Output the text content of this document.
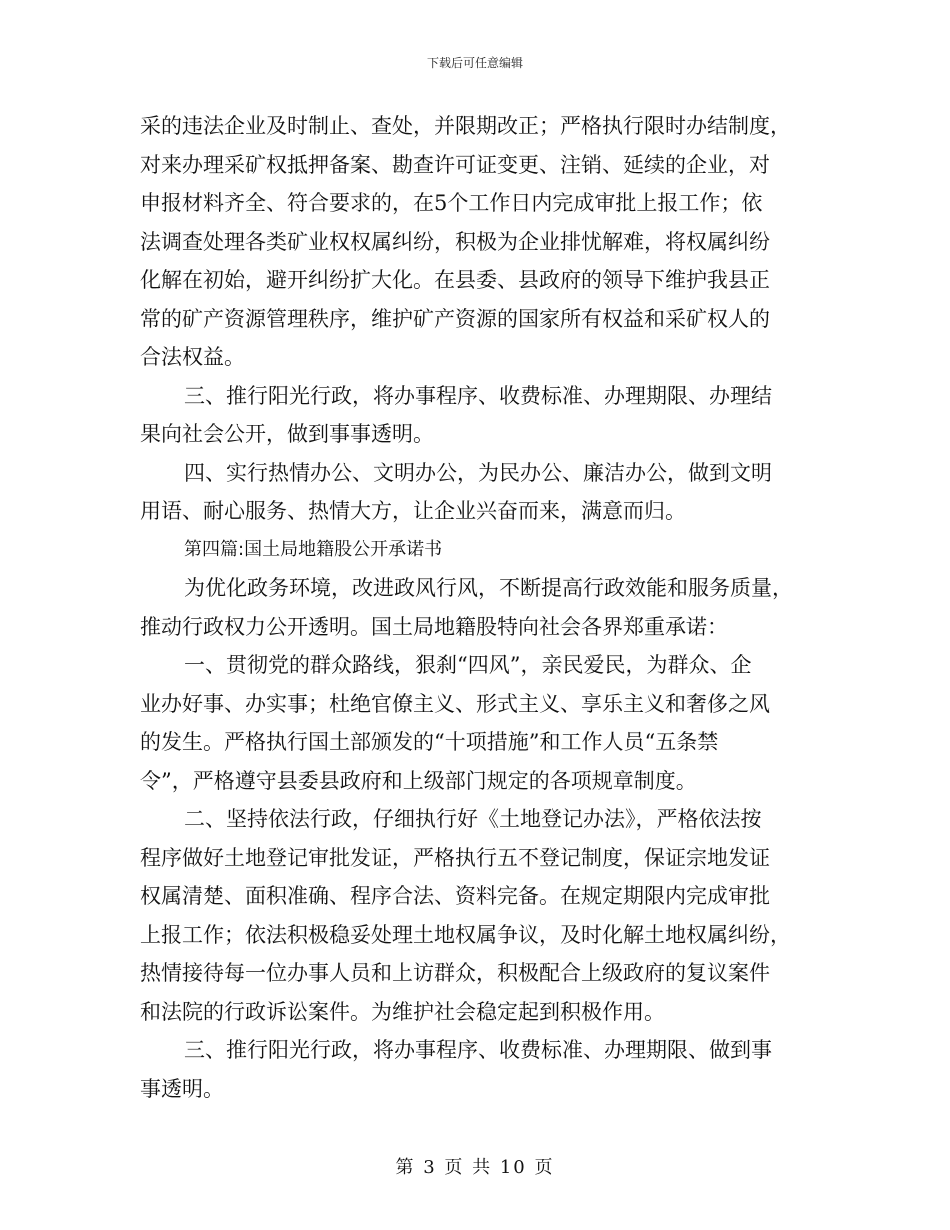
下载后可任意编辑
采的违法企业及时制止、查处，并限期改正；严格执行限时办结制度，
对来办理采矿权抵押备案、勘查许可证变更、注销、延续的企业，对
申报材料齐全、符合要求的，在5个工作日内完成审批上报工作；依
法调查处理各类矿业权权属纠纷，积极为企业排忧解难，将权属纠纷
化解在初始，避开纠纷扩大化。在县委、县政府的领导下维护我县正
常的矿产资源管理秩序，维护矿产资源的国家所有权益和采矿权人的
合法权益。
三、推行阳光行政，将办事程序、收费标准、办理期限、办理结
果向社会公开，做到事事透明。
四、实行热情办公、文明办公，为民办公、廉洁办公，做到文明
用语、耐心服务、热情大方，让企业兴奋而来，满意而归。
第四篇:国土局地籍股公开承诺书
为优化政务环境，改进政风行风，不断提高行政效能和服务质量，
推动行政权力公开透明。国土局地籍股特向社会各界郑重承诺：
一、贯彻党的群众路线，狠刹“四风”，亲民爱民，为群众、企
业办好事、办实事；杜绝官僚主义、形式主义、享乐主义和奢侈之风
的发生。严格执行国土部颁发的“十项措施”和工作人员“五条禁
令”，严格遵守县委县政府和上级部门规定的各项规章制度。
二、坚持依法行政，仔细执行好《土地登记办法》，严格依法按
程序做好土地登记审批发证，严格执行五不登记制度，保证宗地发证
权属清楚、面积准确、程序合法、资料完备。在规定期限内完成审批
上报工作；依法积极稳妥处理土地权属争议，及时化解土地权属纠纷，
热情接待每一位办事人员和上访群众，积极配合上级政府的复议案件
和法院的行政诉讼案件。为维护社会稳定起到积极作用。
三、推行阳光行政，将办事程序、收费标准、办理期限、做到事
事透明。
第 3 页 共 10 页
